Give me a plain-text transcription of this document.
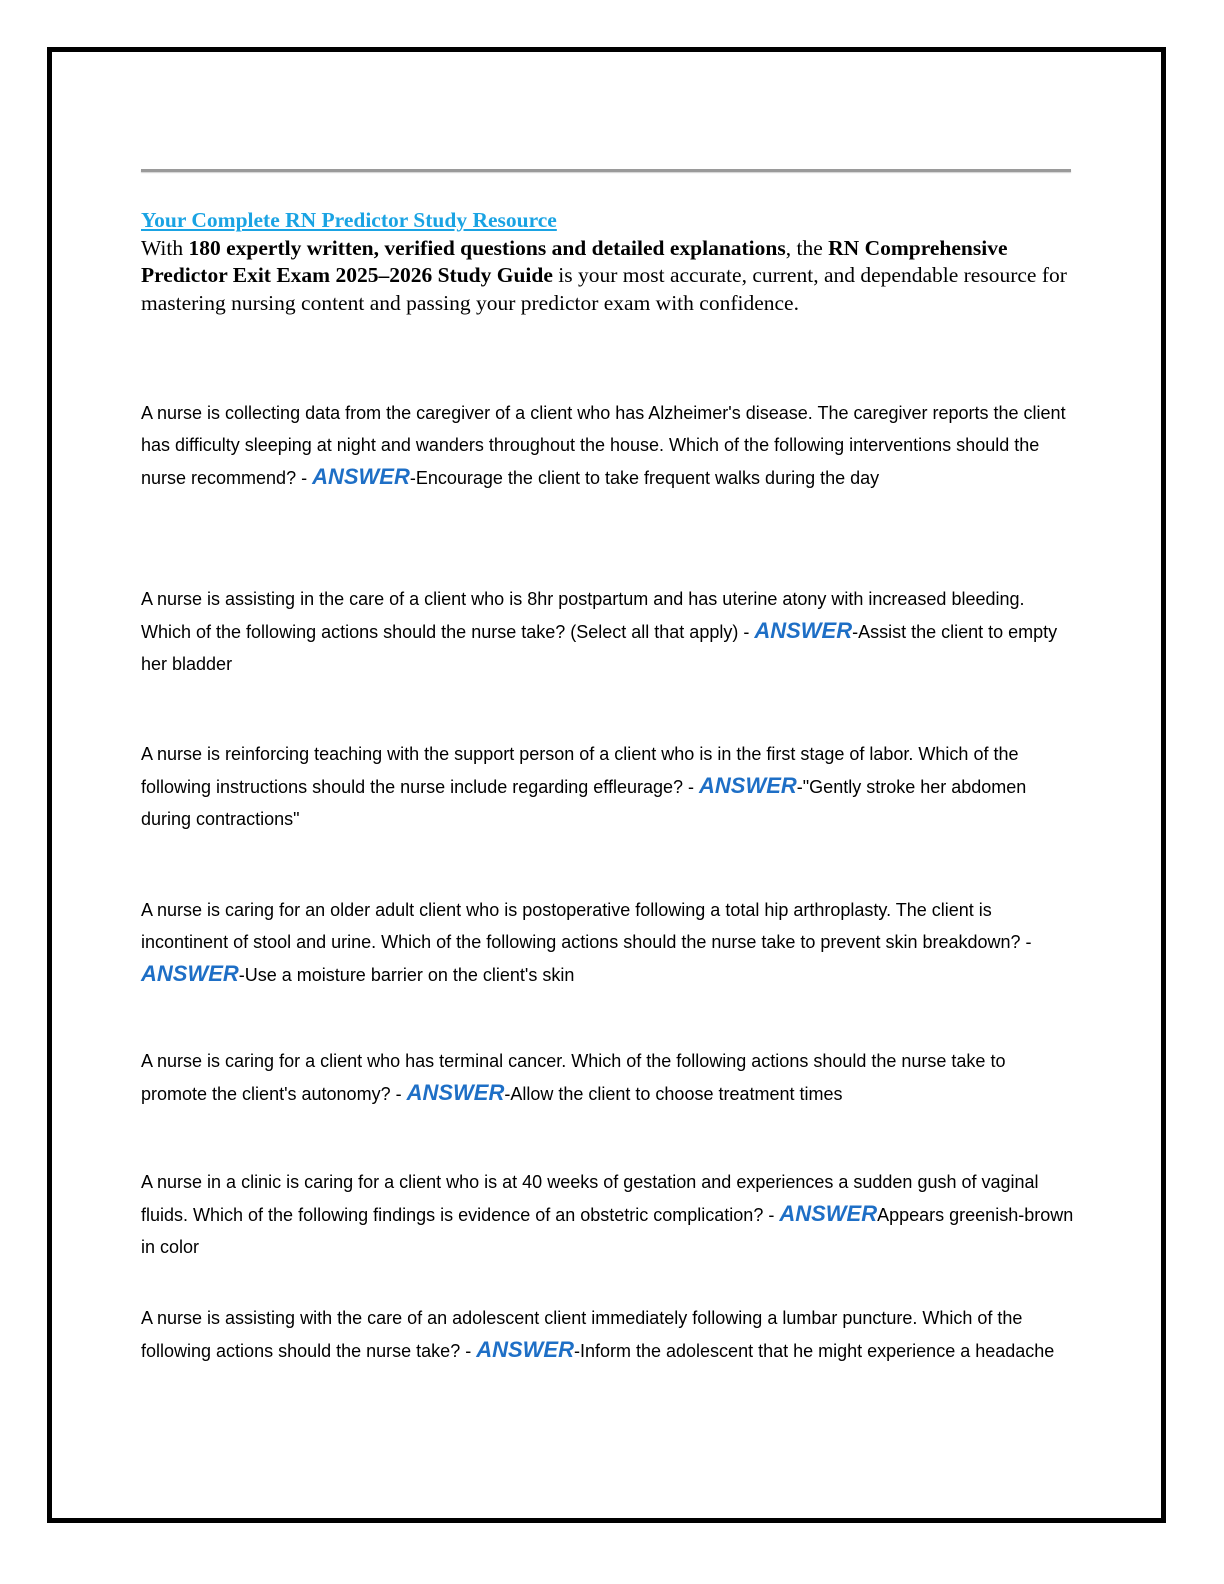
Your Complete RN Predictor Study Resource
With 180 expertly written, verified questions and detailed explanations, the RN Comprehensive Predictor Exit Exam 2025–2026 Study Guide is your most accurate, current, and dependable resource for mastering nursing content and passing your predictor exam with confidence.
A nurse is collecting data from the caregiver of a client who has Alzheimer's disease. The caregiver reports the client has difficulty sleeping at night and wanders throughout the house. Which of the following interventions should the nurse recommend? - ANSWER-Encourage the client to take frequent walks during the day
A nurse is assisting in the care of a client who is 8hr postpartum and has uterine atony with increased bleeding. Which of the following actions should the nurse take? (Select all that apply) - ANSWER-Assist the client to empty her bladder
A nurse is reinforcing teaching with the support person of a client who is in the first stage of labor. Which of the following instructions should the nurse include regarding effleurage? - ANSWER-"Gently stroke her abdomen during contractions"
A nurse is caring for an older adult client who is postoperative following a total hip arthroplasty. The client is incontinent of stool and urine. Which of the following actions should the nurse take to prevent skin breakdown? - ANSWER-Use a moisture barrier on the client's skin
A nurse is caring for a client who has terminal cancer. Which of the following actions should the nurse take to promote the client's autonomy? - ANSWER-Allow the client to choose treatment times
A nurse in a clinic is caring for a client who is at 40 weeks of gestation and experiences a sudden gush of vaginal fluids. Which of the following findings is evidence of an obstetric complication? - ANSWERAppears greenish-brown in color
A nurse is assisting with the care of an adolescent client immediately following a lumbar puncture. Which of the following actions should the nurse take? - ANSWER-Inform the adolescent that he might experience a headache
